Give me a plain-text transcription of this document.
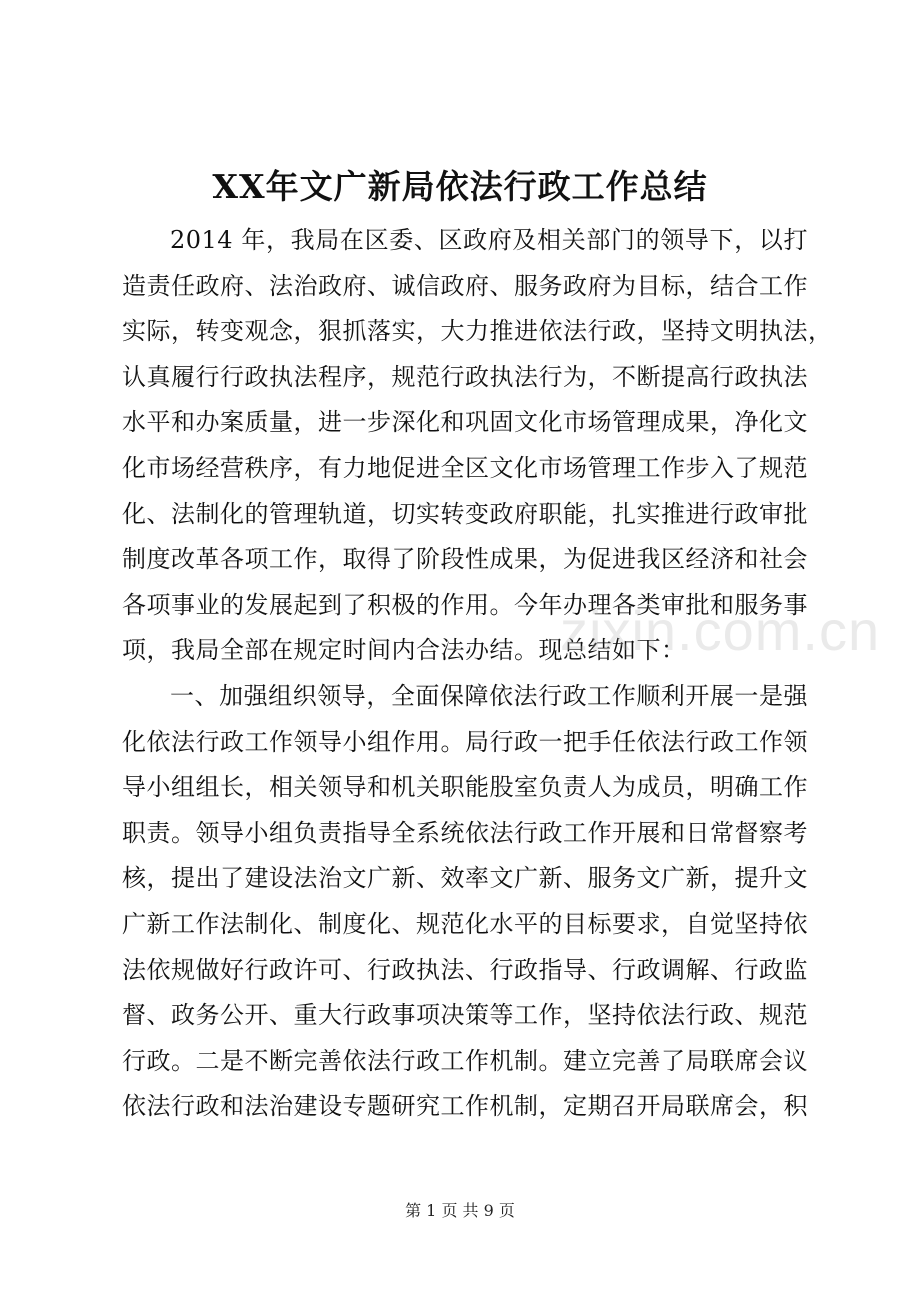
XX年文广新局依法行政工作总结
2014 年，我局在区委、区政府及相关部门的领导下，以打
造责任政府、法治政府、诚信政府、服务政府为目标，结合工作
实际，转变观念，狠抓落实，大力推进依法行政，坚持文明执法，
认真履行行政执法程序，规范行政执法行为，不断提高行政执法
水平和办案质量，进一步深化和巩固文化市场管理成果，净化文
化市场经营秩序，有力地促进全区文化市场管理工作步入了规范
化、法制化的管理轨道，切实转变政府职能，扎实推进行政审批
制度改革各项工作，取得了阶段性成果，为促进我区经济和社会
各项事业的发展起到了积极的作用。今年办理各类审批和服务事
项，我局全部在规定时间内合法办结。现总结如下：
一、加强组织领导，全面保障依法行政工作顺利开展一是强
化依法行政工作领导小组作用。局行政一把手任依法行政工作领
导小组组长，相关领导和机关职能股室负责人为成员，明确工作
职责。领导小组负责指导全系统依法行政工作开展和日常督察考
核，提出了建设法治文广新、效率文广新、服务文广新，提升文
广新工作法制化、制度化、规范化水平的目标要求，自觉坚持依
法依规做好行政许可、行政执法、行政指导、行政调解、行政监
督、政务公开、重大行政事项决策等工作，坚持依法行政、规范
行政。二是不断完善依法行政工作机制。建立完善了局联席会议
依法行政和法治建设专题研究工作机制，定期召开局联席会，积
zixin.com.cn
第 1 页 共 9 页
